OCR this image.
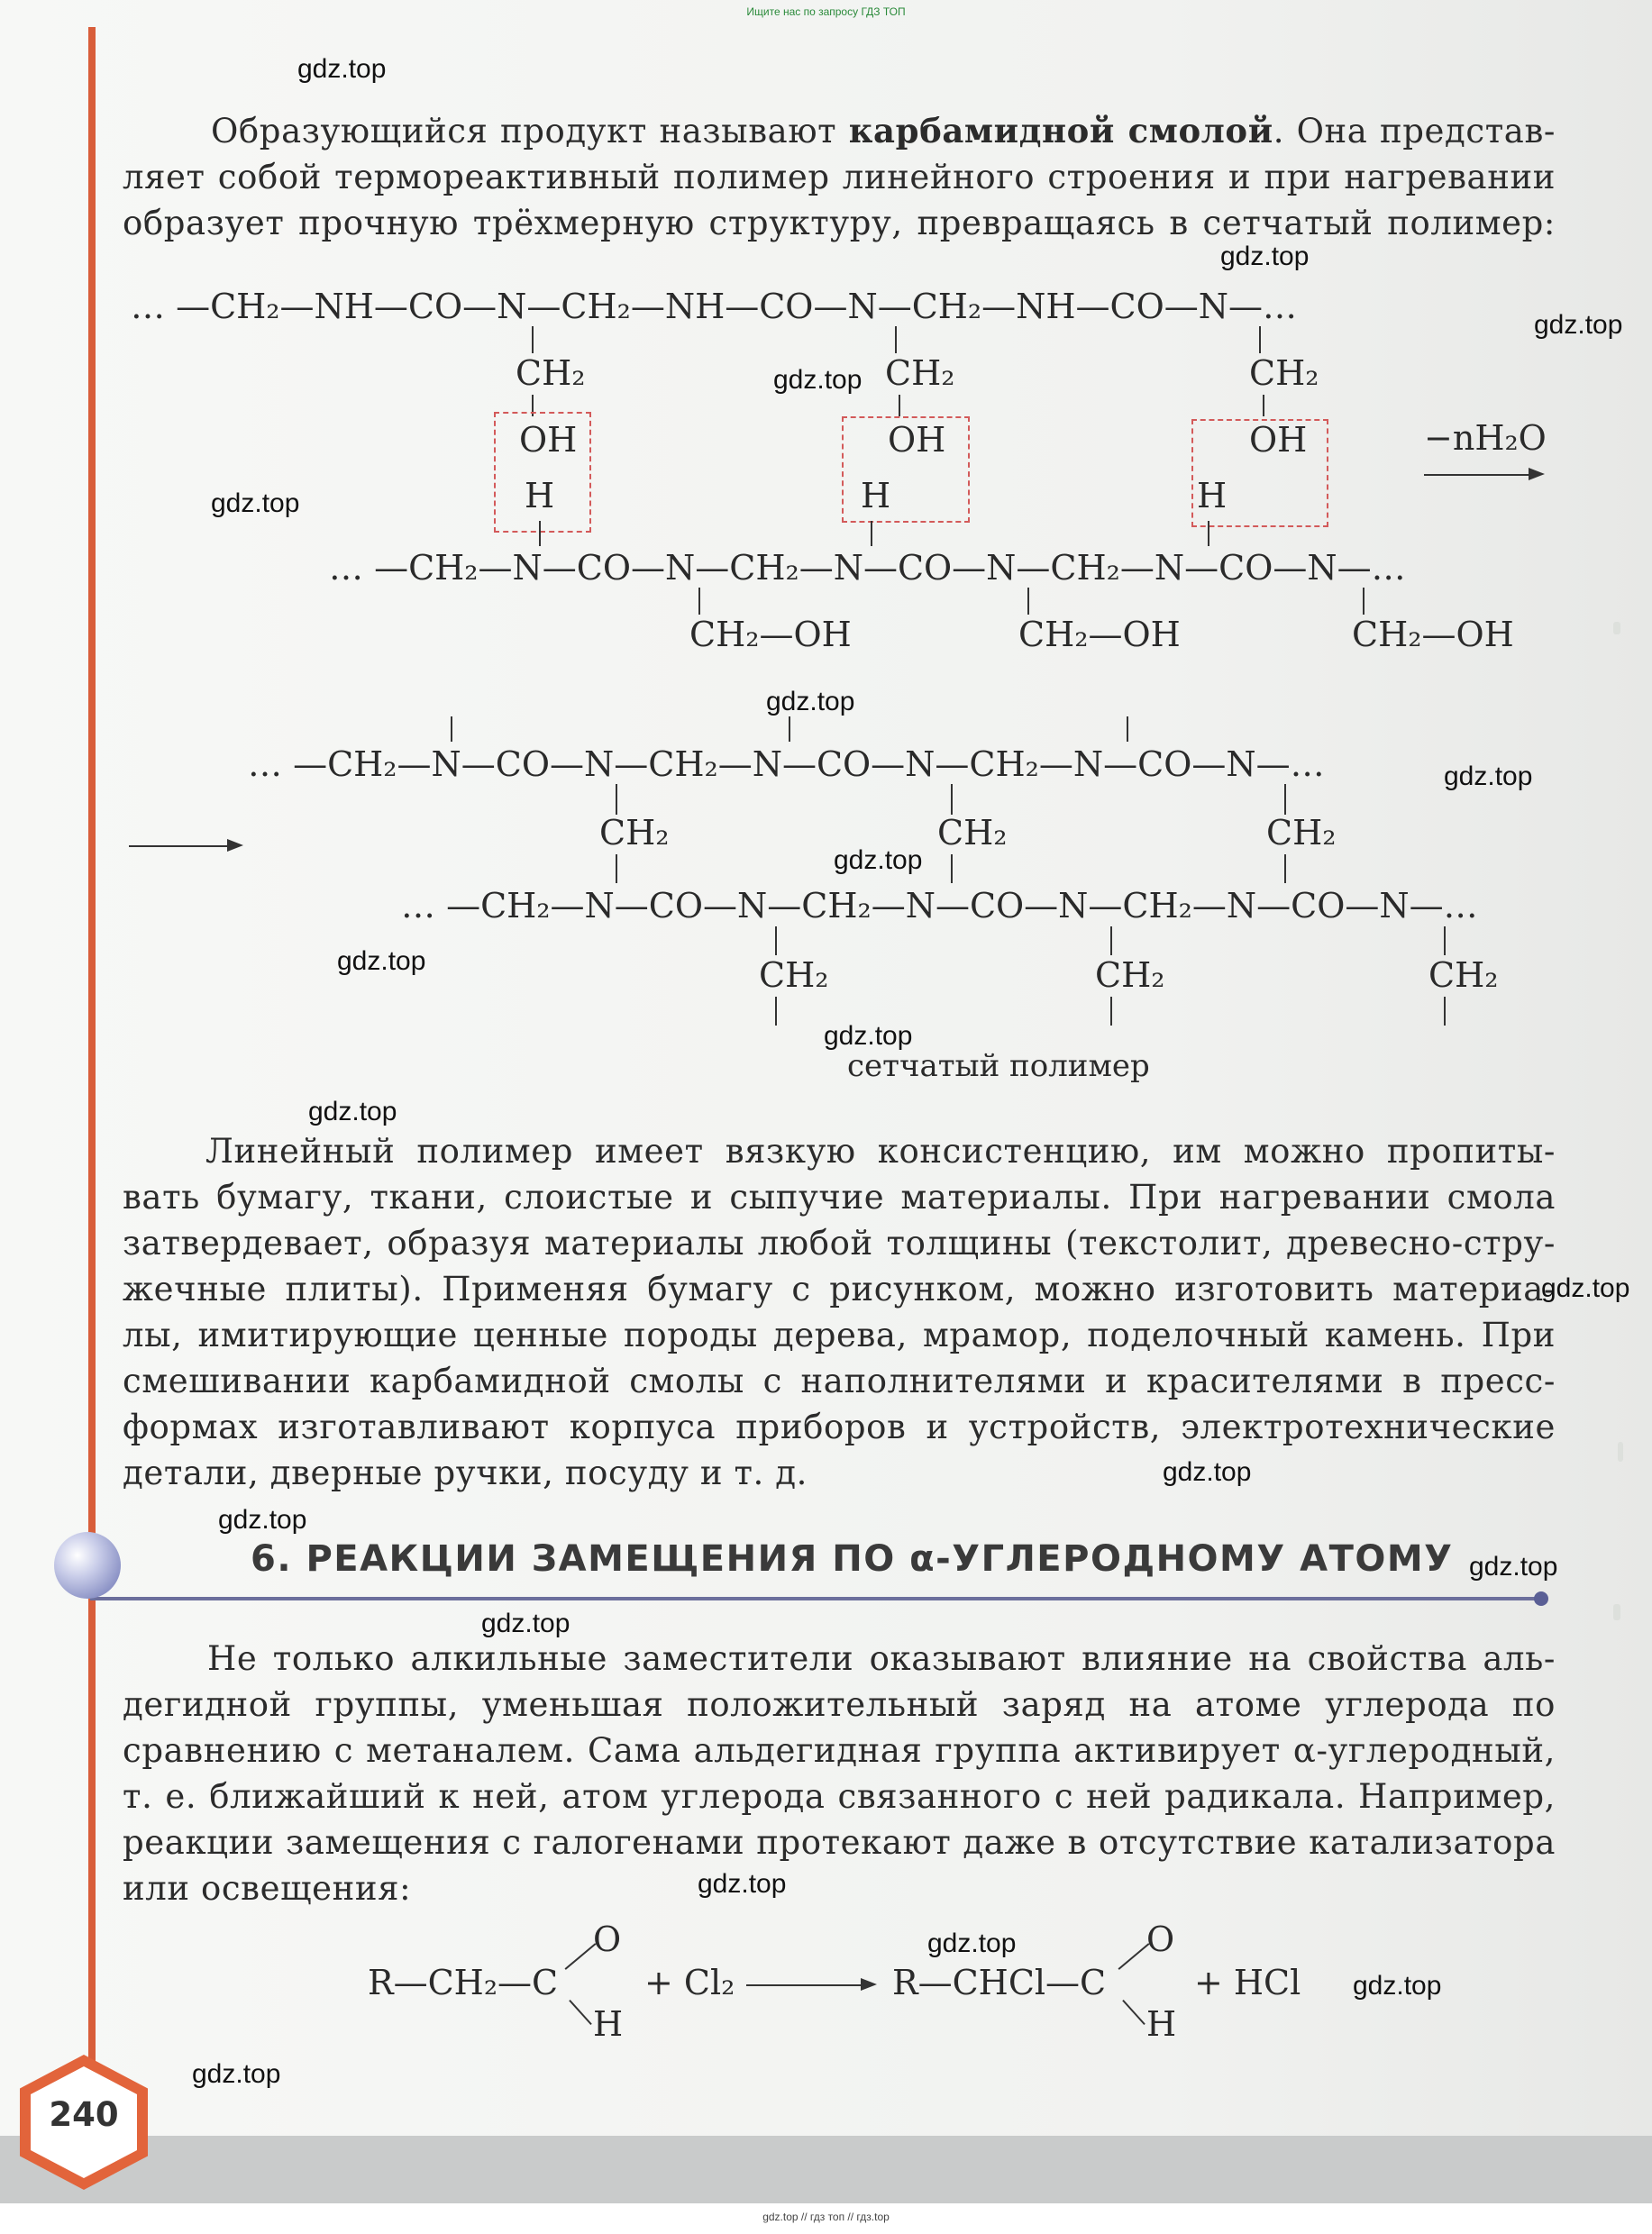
Ищите нас по запросу ГДЗ ТОП
gdz.top // гдз топ // гдз.top
240
Образующийся продукт называют карбамидной смолой. Она представ-
ляет собой термореактивный полимер линейного строения и при нагревании
образует прочную трёхмерную структуру, превращаясь в сетчатый полимер:
… —CH₂—NH—CO—N—CH₂—NH—CO—N—CH₂—NH—CO—N—…
CH₂	CH₂	CH₂
OH	OH	OH
H	H	H
−nH₂O
… —CH₂—N—CO—N—CH₂—N—CO—N—CH₂—N—CO—N—…
CH₂—OH	CH₂—OH	CH₂—OH
… —CH₂—N—CO—N—CH₂—N—CO—N—CH₂—N—CO—N—…
CH₂	CH₂	CH₂
… —CH₂—N—CO—N—CH₂—N—CO—N—CH₂—N—CO—N—…
CH₂	CH₂	CH₂
сетчатый полимер
Линейный полимер имеет вязкую консистенцию, им можно пропиты-
вать бумагу, ткани, слоистые и сыпучие материалы. При нагревании смола
затвердевает, образуя материалы любой толщины (текстолит, древесно-стру-
жечные плиты). Применяя бумагу с рисунком, можно изготовить материа-
лы, имитирующие ценные породы дерева, мрамор, поделочный камень. При
смешивании карбамидной смолы с наполнителями и красителями в пресс-
формах изготавливают корпуса приборов и устройств, электротехнические
детали, дверные ручки, посуду и т. д.
6. РЕАКЦИИ ЗАМЕЩЕНИЯ ПО α-УГЛЕРОДНОМУ АТОМУ
Не только алкильные заместители оказывают влияние на свойства аль-
дегидной группы, уменьшая положительный заряд на атоме углерода по
сравнению с метаналем. Сама альдегидная группа активирует α-углеродный,
т. е. ближайший к ней, атом углерода связанного с ней радикала. Например,
реакции замещения с галогенами протекают даже в отсутствие катализатора
или освещения:
R—CH₂—C
O
H
+ Cl₂	R—CHCl—C
O
H
+ HCl
gdz.top
gdz.top
gdz.top
gdz.top
gdz.top
gdz.top
gdz.top
gdz.top
gdz.top
gdz.top
gdz.top
gdz.top
gdz.top
gdz.top
gdz.top
gdz.top
gdz.top
gdz.top
gdz.top
gdz.top
